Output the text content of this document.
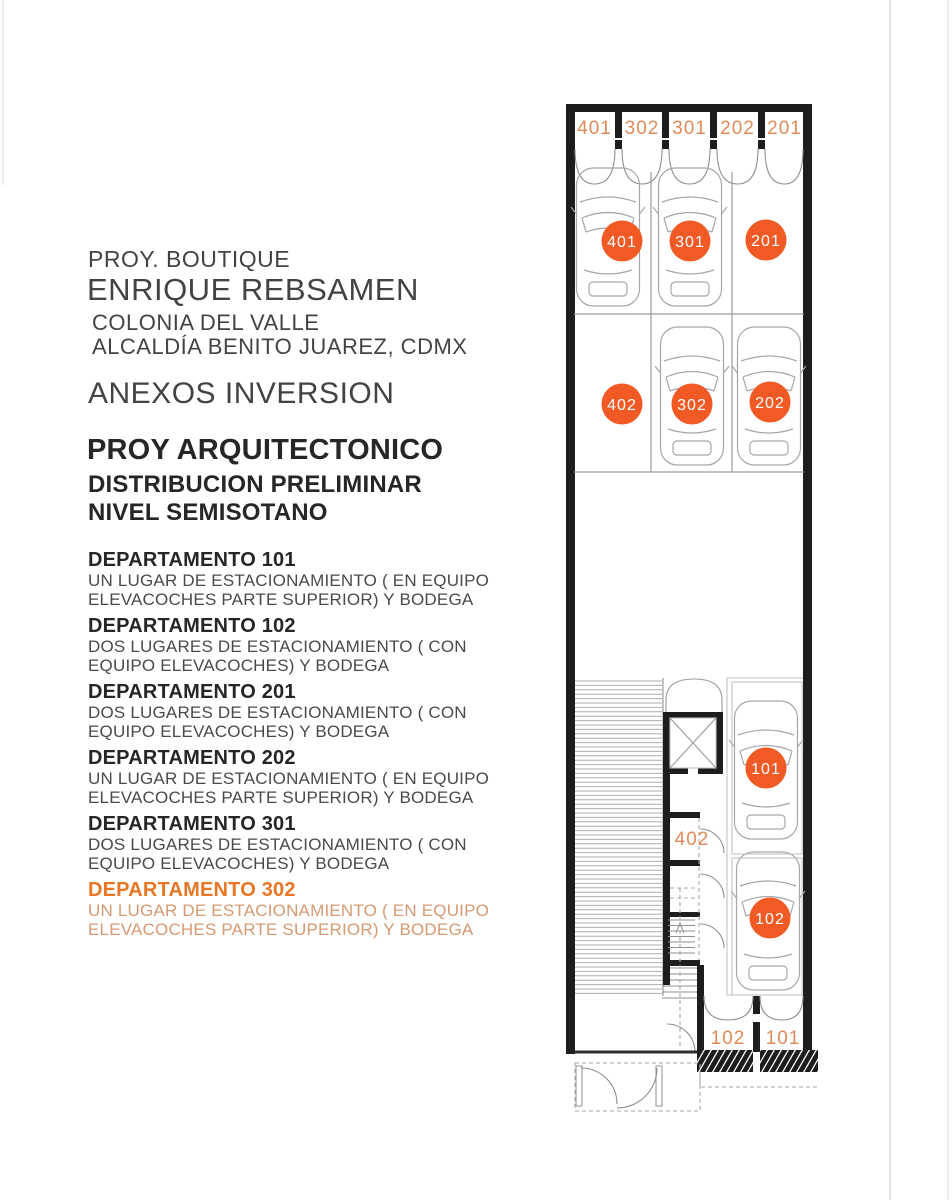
PROY. BOUTIQUE
ENRIQUE REBSAMEN
COLONIA DEL VALLE
ALCALDÍA BENITO JUAREZ, CDMX
ANEXOS INVERSION
PROY ARQUITECTONICO
DISTRIBUCION PRELIMINAR
NIVEL SEMISOTANO
DEPARTAMENTO 101
UN LUGAR DE ESTACIONAMIENTO ( EN EQUIPO
ELEVACOCHES PARTE SUPERIOR) Y BODEGA
DEPARTAMENTO 102
DOS LUGARES DE ESTACIONAMIENTO ( CON
EQUIPO ELEVACOCHES) Y BODEGA
DEPARTAMENTO 201
DOS LUGARES DE ESTACIONAMIENTO ( CON
EQUIPO ELEVACOCHES) Y BODEGA
DEPARTAMENTO 202
UN LUGAR DE ESTACIONAMIENTO ( EN EQUIPO
ELEVACOCHES PARTE SUPERIOR) Y BODEGA
DEPARTAMENTO 301
DOS LUGARES DE ESTACIONAMIENTO ( CON
EQUIPO ELEVACOCHES) Y BODEGA
DEPARTAMENTO 302
UN LUGAR DE ESTACIONAMIENTO ( EN EQUIPO
ELEVACOCHES PARTE SUPERIOR) Y BODEGA
401 302 301 202 201
402
102 101
401 301	201
402	302	202
101
102
